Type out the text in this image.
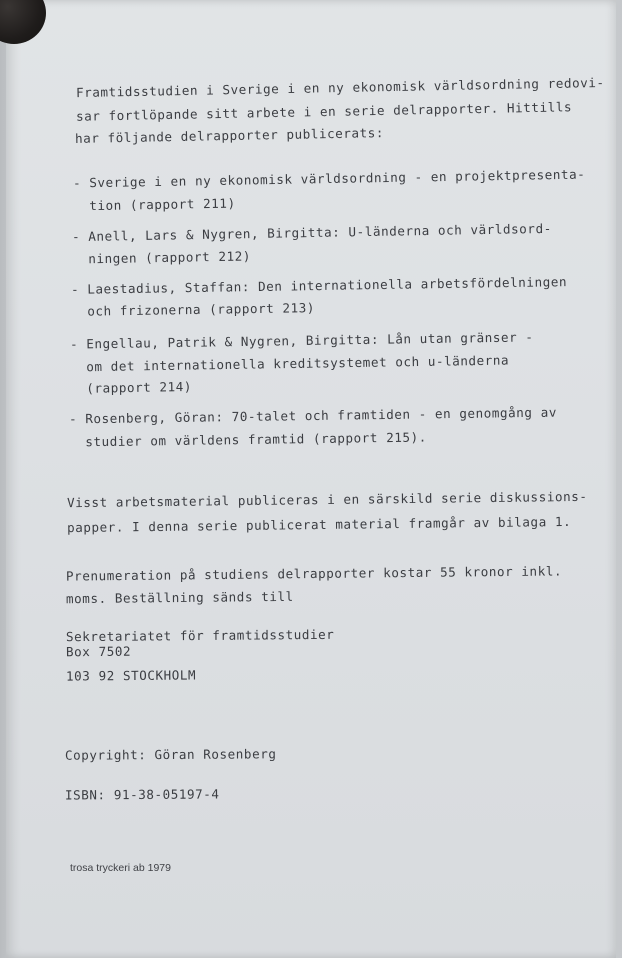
Framtidsstudien i Sverige i en ny ekonomisk världsordning redovi-
sar fortlöpande sitt arbete i en serie delrapporter. Hittills
har följande delrapporter publicerats:
- Sverige i en ny ekonomisk världsordning - en projektpresenta-
tion (rapport 211)
- Anell, Lars & Nygren, Birgitta: U-länderna och världsord-
ningen (rapport 212)
- Laestadius, Staffan: Den internationella arbetsfördelningen
och frizonerna (rapport 213)
- Engellau, Patrik & Nygren, Birgitta: Lån utan gränser -
om det internationella kreditsystemet och u-länderna
(rapport 214)
- Rosenberg, Göran: 70-talet och framtiden - en genomgång av
studier om världens framtid (rapport 215).
Visst arbetsmaterial publiceras i en särskild serie diskussions-
papper. I denna serie publicerat material framgår av bilaga 1.
Prenumeration på studiens delrapporter kostar 55 kronor inkl.
moms. Beställning sänds till
Sekretariatet för framtidsstudier
Box 7502
103 92 STOCKHOLM
Copyright: Göran Rosenberg
ISBN: 91-38-05197-4
trosa tryckeri ab 1979
